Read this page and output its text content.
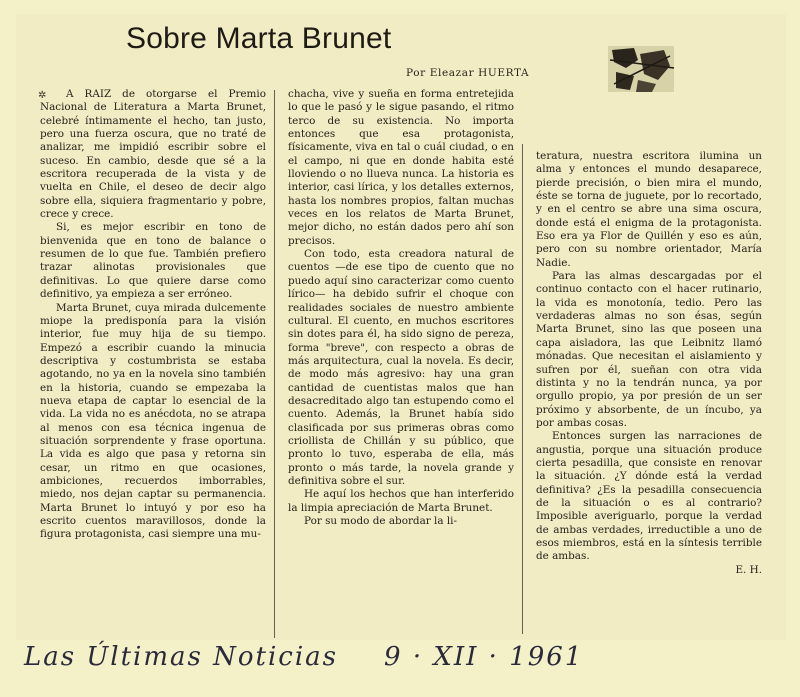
Sobre Marta Brunet
Por Eleazar HUERTA
✲	A RAIZ de otorgarse el Premio Nacional de Literatura a Marta Brunet, celebré íntimamente el hecho, tan justo, pero una fuerza oscura, que no traté de analizar, me impidió escribir sobre el suceso. En cambio, desde que sé a la escritora recuperada de la vista y de vuelta en Chile, el deseo de decir algo sobre ella, siquiera fragmentario y pobre, crece y crece.

Si, es mejor escribir en tono de bienvenida que en tono de balance o resumen de lo que fue. También prefiero trazar alinotas provisionales que definitivas. Lo que quiere darse como definitivo, ya empieza a ser erróneo.

Marta Brunet, cuya mirada dulcemente miope la predisponía para la visión interior, fue muy hija de su tiempo. Empezó a escribir cuando la minucia descriptiva y costumbrista se estaba agotando, no ya en la novela sino también en la historia, cuando se empezaba la nueva etapa de captar lo esencial de la vida. La vida no es anécdota, no se atrapa al menos con esa técnica ingenua de situación sorprendente y frase oportuna. La vida es algo que pasa y retorna sin cesar, un ritmo en que ocasiones, ambiciones, recuerdos imborrables, miedo, nos dejan captar su permanencia. Marta Brunet lo intuyó y por eso ha escrito cuentos maravillosos, donde la figura protagonista, casi siempre una mu-

chacha, vive y sueña en forma entretejida lo que le pasó y le sigue pasando, el ritmo terco de su existencia. No importa entonces que esa protagonista, físicamente, viva en tal o cuál ciudad, o en el campo, ni que en donde habita esté lloviendo o no lluevа nunca. La historia es interior, casi lírica, y los detalles externos, hasta los nombres propios, faltan muchas veces en los relatos de Marta Brunet, mejor dicho, no están dados pero ahí son precisos.

Con todo, esta creadora natural de cuentos —de ese tipo de cuento que no puedo aquí sino caracterizar como cuento lírico— ha debido sufrir el choque con realidades sociales de nuestro ambiente cultural. El cuento, en muchos escritores sin dotes para él, ha sido signo de pereza, forma "breve", con respecto a obras de más arquitectura, cual la novela. Es decir, de modo más agresivo: hay una gran cantidad de cuentistas malos que han desacreditado algo tan estupendo como el cuento. Además, la Brunet había sido clasificada por sus primeras obras como criollista de Chillán y su público, que pronto lo tuvo, esperaba de ella, más pronto o más tarde, la novela grande y definitiva sobre el sur.

He aquí los hechos que han interferido la limpia apreciación de Marta Brunet.

Por su modo de abordar la li-

teratura, nuestra escritora ilumina un alma y entonces el mundo desaparece, pierde precisión, o bien mira el mundo, éste se torna de juguete, por lo recortado, y en el centro se abre una sima oscura, donde está el enigma de la protagonista. Eso era ya Flor de Quillén y eso es aún, pero con su nombre orientador, María Nadie.

Para las almas descargadas por el continuo contacto con el hacer rutinario, la vida es monotonía, tedio. Pero las verdaderas almas no son ésas, según Marta Brunet, sino las que poseen una capa aisladora, las que Leibnitz llamó mónadas. Que necesitan el aislamiento y sufren por él, sueñan con otra vida distinta y no la tendrán nunca, ya por orgullo propio, ya por presión de un ser próximo y absorbente, de un íncubo, ya por ambas cosas.

Entonces surgen las narraciones de angustia, porque una situación produce cierta pesadilla, que consiste en renovar la situación. ¿Y dónde está la verdad definitiva? ¿Es la pesadilla consecuencia de la situación o es al contrario? Imposible averiguarlo, porque la verdad de ambas verdades, irreductible a uno de esos miembros, está en la síntesis terrible de ambas.

E. H.
Las Últimas Noticias 9 · XII · 1961
